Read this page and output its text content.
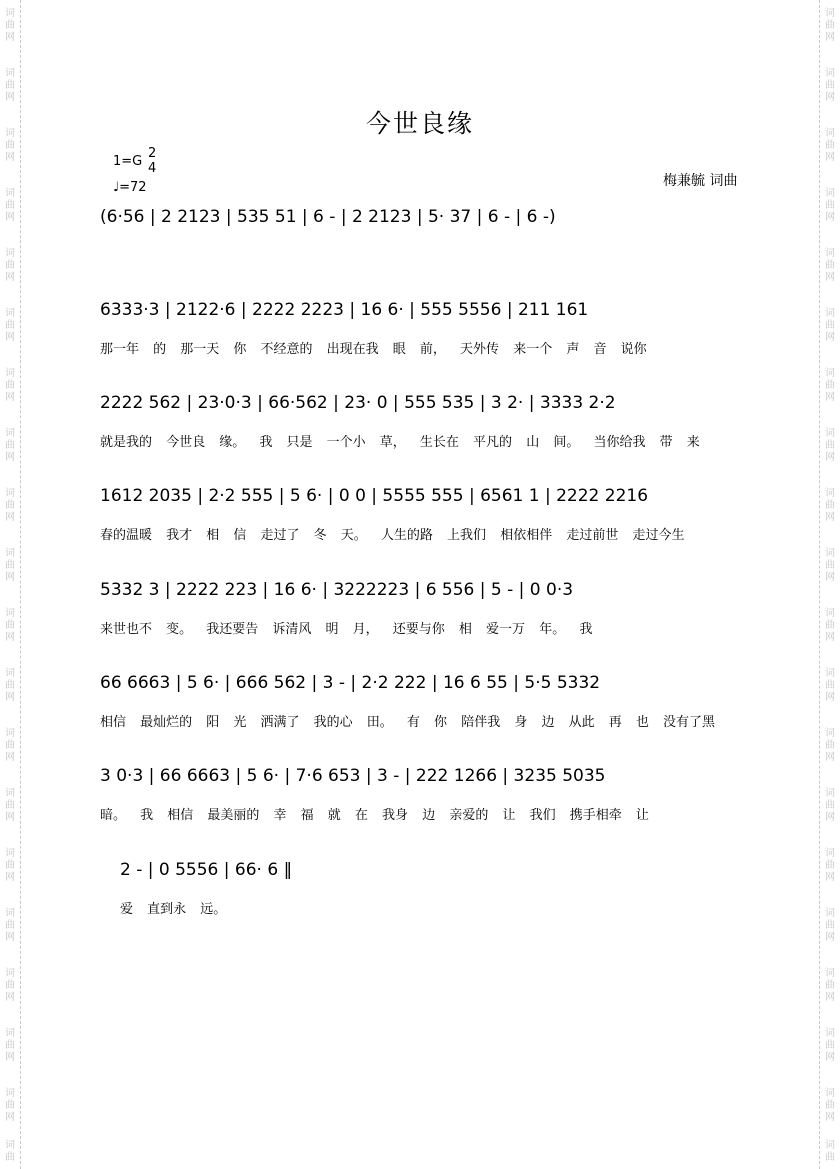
词
曲
网
词
曲
网
词
曲
网
词
曲
网
词
曲
网
词
曲
网
词
曲
网
词
曲
网
词
曲
网
词
曲
网
词
曲
网
词
曲
网
词
曲
网
词
曲
网
词
曲
网
词
曲
网
词
曲
网
词
曲
网
词
曲
网
词
曲
词
曲
网
词
曲
网
词
曲
网
词
曲
网
词
曲
网
词
曲
网
词
曲
网
词
曲
网
词
曲
网
词
曲
网
词
曲
网
词
曲
网
词
曲
网
词
曲
网
词
曲
网
词
曲
网
词
曲
网
词
曲
网
词
曲
网
词
曲
今世良缘
1=G
2
4
♩=72	梅兼毓 词曲
(6·56 | 2 2123 | 535 51 | 6 - | 2 2123 | 5· 37 | 6 - | 6 -)
6333·3 | 2122·6 | 2222 2223 | 16 6· | 555 5556 | 211 161
那一年 的 那一天 你 不经意的 出现在我 眼 前， 天外传 来一个 声 音 说你
2222 562 | 23·0·3 | 66·562 | 23· 0 | 555 535 | 3 2· | 3333 2·2
就是我的 今世良 缘。 我 只是 一个小 草， 生长在 平凡的 山 间。 当你给我 带 来
1612 2035 | 2·2 555 | 5 6· | 0 0 | 5555 555 | 6561 1 | 2222 2216
春的温暖 我才 相 信 走过了 冬 天。 人生的路 上我们 相依相伴 走过前世 走过今生
5332 3 | 2222 223 | 16 6· | 3222223 | 6 556 | 5 - | 0 0·3
来世也不 变。 我还要告 诉清风 明 月， 还要与你 相 爱一万 年。 我
66 6663 | 5 6· | 666 562 | 3 - | 2·2 222 | 16 6 55 | 5·5 5332
相信 最灿烂的 阳 光 洒满了 我的心 田。 有 你 陪伴我 身 边 从此 再 也 没有了黑
3 0·3 | 66 6663 | 5 6· | 7·6 653 | 3 - | 222 1266 | 3235 5035
暗。 我 相信 最美丽的 幸 福 就 在 我身 边 亲爱的 让 我们 携手相牵 让
2 - | 0 5556 | 66· 6 ‖
爱 直到永 远。
